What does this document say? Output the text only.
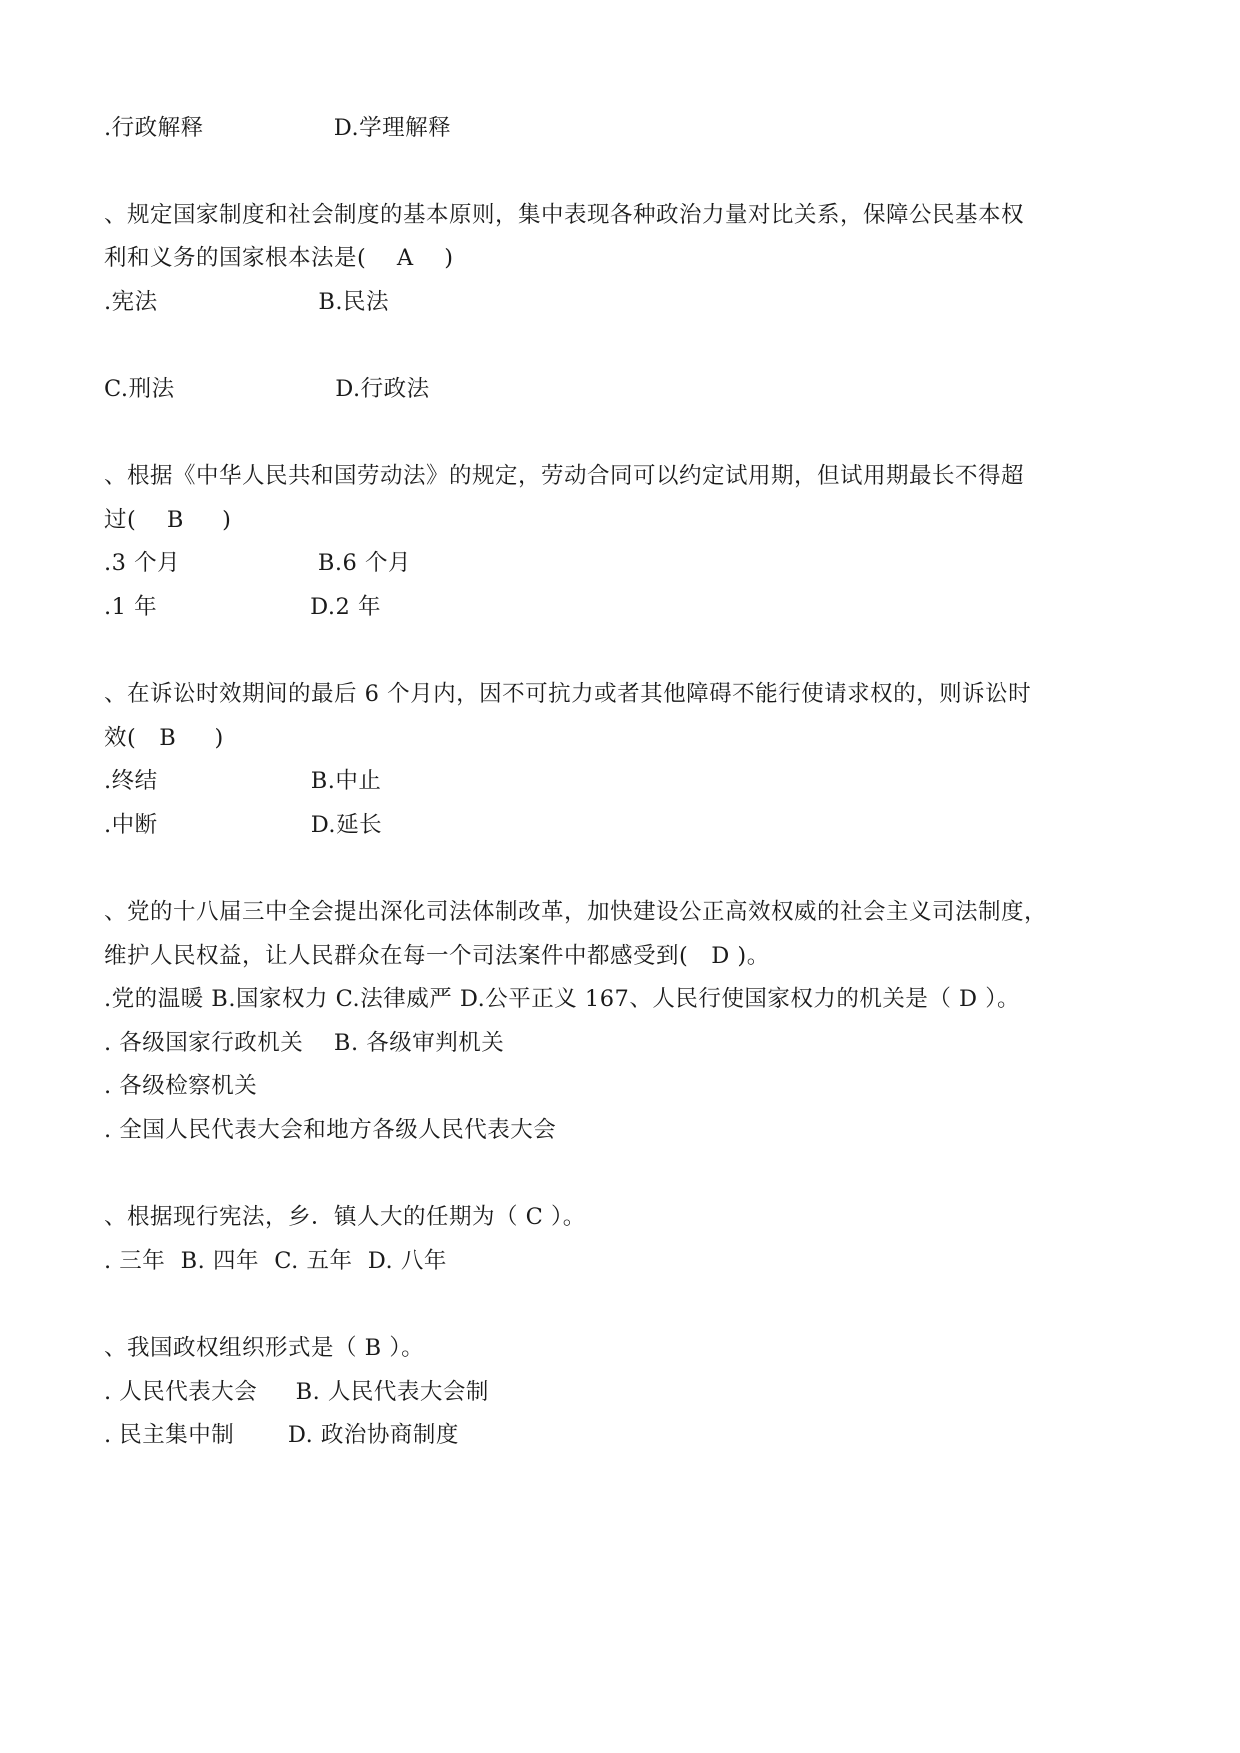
.行政解释                 D.学理解释
、规定国家制度和社会制度的基本原则，集中表现各种政治力量对比关系，保障公民基本权
利和义务的国家根本法是(    A    )
.宪法                     B.民法
C.刑法                     D.行政法
、根据《中华人民共和国劳动法》的规定，劳动合同可以约定试用期，但试用期最长不得超
过(    B     )
.3 个月                  B.6 个月
.1 年                    D.2 年
、在诉讼时效期间的最后 6 个月内，因不可抗力或者其他障碍不能行使请求权的，则诉讼时
效(   B     )
.终结                    B.中止
.中断                    D.延长
、党的十八届三中全会提出深化司法体制改革，加快建设公正高效权威的社会主义司法制度，
维护人民权益，让人民群众在每一个司法案件中都感受到(   D )。
.党的温暖 B.国家权力 C.法律威严 D.公平正义 167、人民行使国家权力的机关是（ D ）。
. 各级国家行政机关    B. 各级审判机关
. 各级检察机关
. 全国人民代表大会和地方各级人民代表大会
、根据现行宪法，乡．镇人大的任期为（ C ）。
. 三年  B. 四年  C. 五年  D. 八年
、我国政权组织形式是（ B ）。
. 人民代表大会     B. 人民代表大会制
. 民主集中制       D. 政治协商制度
